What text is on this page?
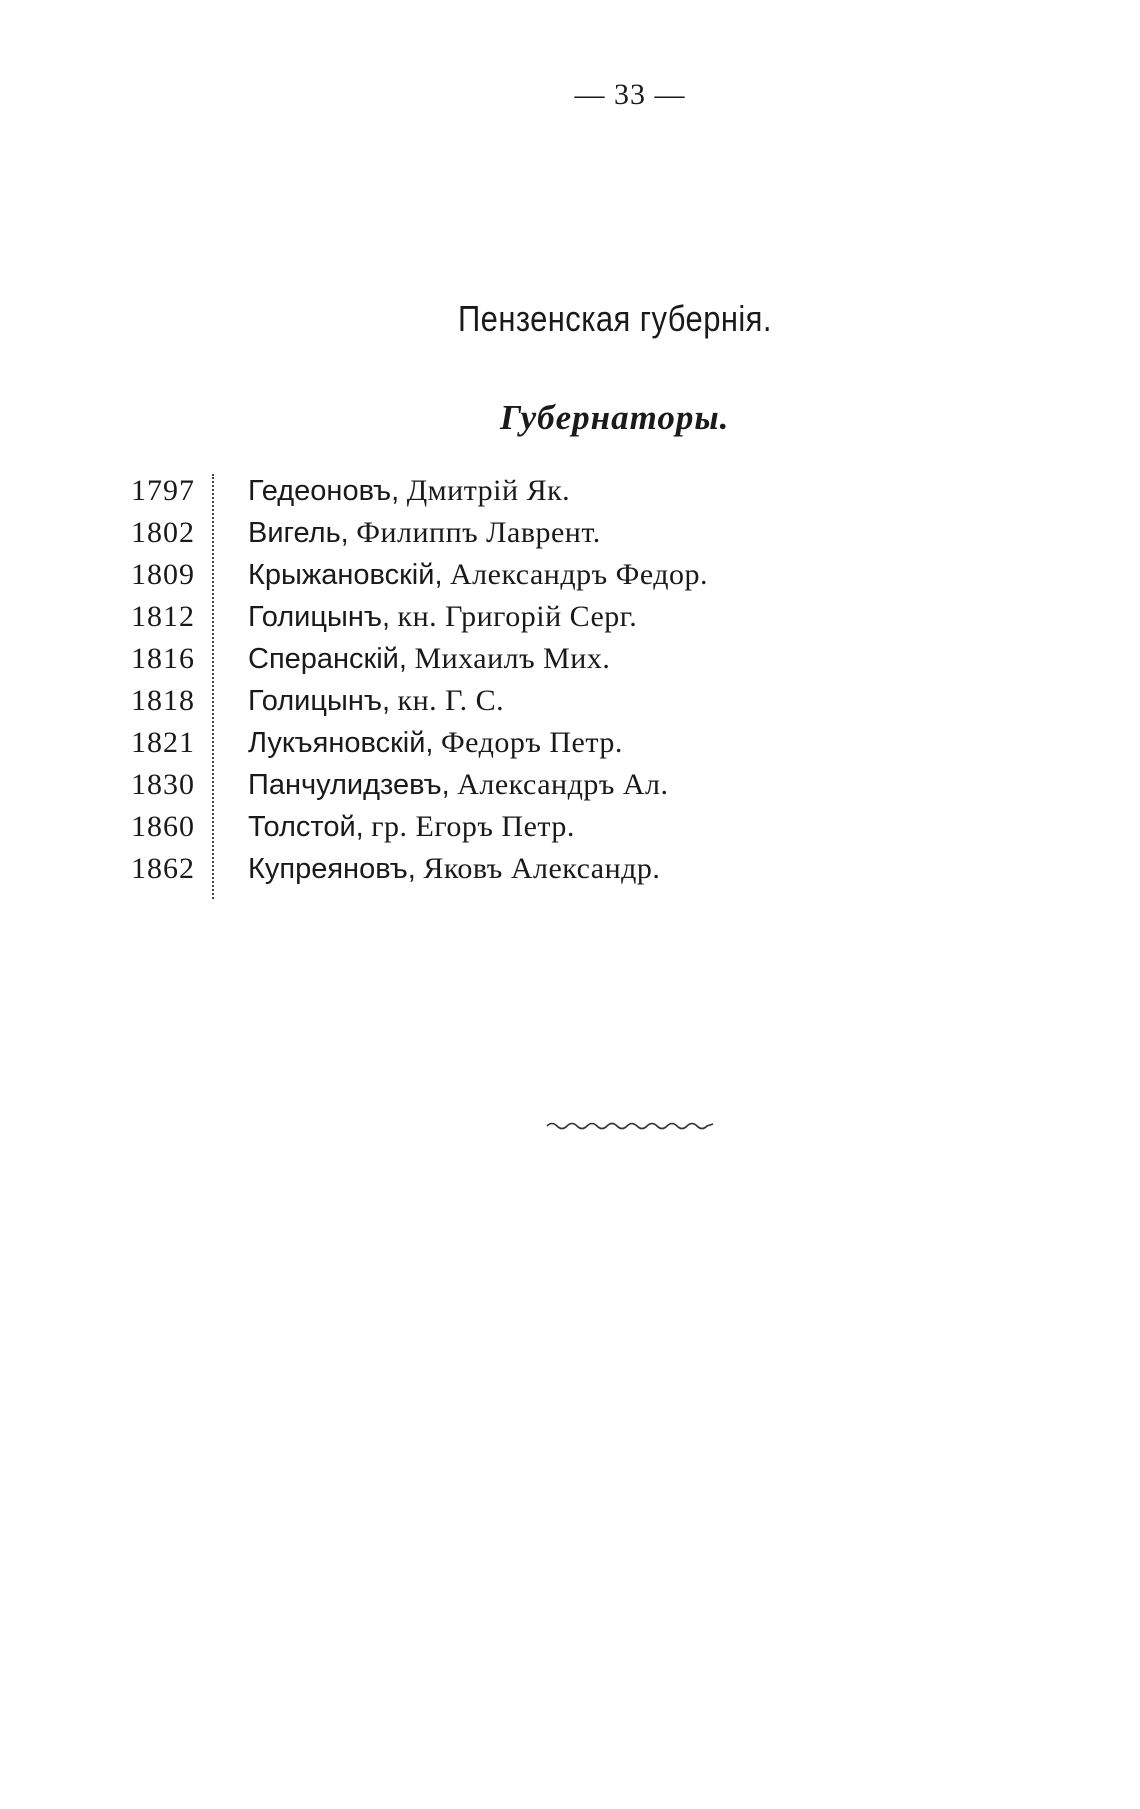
— 33 —
Пензенская губернія.
Губернаторы.
1797 Гедеоновъ, Дмитрій Як.
1802 Вигель, Филиппъ Лаврент.
1809 Крыжановскій, Александръ Федор.
1812 Голицынъ, кн. Григорій Серг.
1816 Сперанскій, Михаилъ Мих.
1818 Голицынъ, кн. Г. С.
1821 Лукъяновскій, Федоръ Петр.
1830 Панчулидзевъ, Александръ Ал.
1860 Толстой, гр. Егоръ Петр.
1862 Купреяновъ, Яковъ Александр.
